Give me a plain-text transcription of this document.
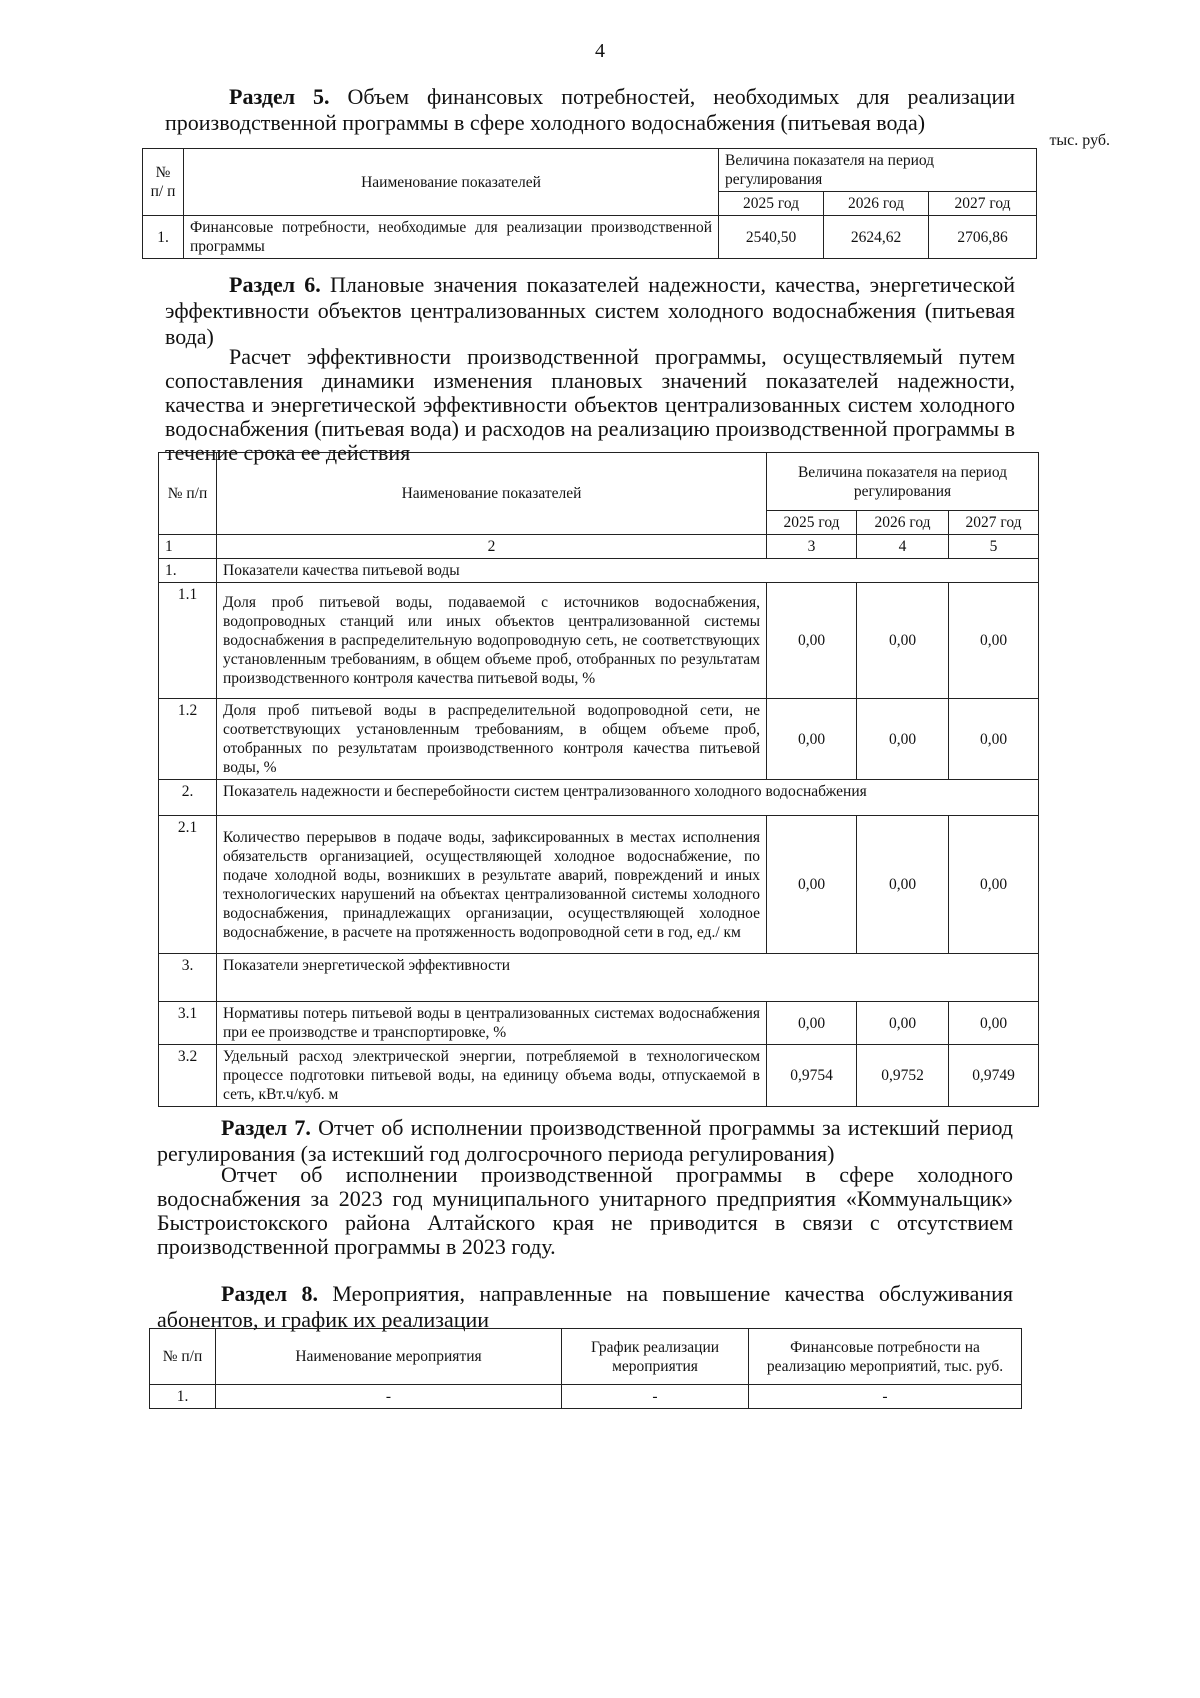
4
Раздел 5. Объем финансовых потребностей, необходимых для реализации производственной программы в сфере холодного водоснабжения (питьевая вода)
тыс. руб.
№ п/ п	Наименование показателей	Величина показателя на период регулирования		
		2025 год	2026 год	2027 год
1.	Финансовые потребности, необходимые для реализации производственной программы	2540,50	2624,62	2706,86
Раздел 6. Плановые значения показателей надежности, качества, энергетической эффективности объектов централизованных систем холодного водоснабжения (питьевая вода)
Расчет эффективности производственной программы, осуществляемый путем сопоставления динамики изменения плановых значений показателей надежности, качества и энергетической эффективности объектов централизованных систем холодного водоснабжения (питьевая вода) и расходов на реализацию производственной программы в течение срока ее действия
№ п/п	Наименование показателей	Величина показателя на период регулирования		
		2025 год	2026 год	2027 год
1	2	3	4	5
1.	Показатели качества питьевой воды			
1.1	Доля проб питьевой воды, подаваемой с источников водоснабжения, водопроводных станций или иных объектов централизованной системы водоснабжения в распределительную водопроводную сеть, не соответствующих установленным требованиям, в общем объеме проб, отобранных по результатам производственного контроля качества питьевой воды, %	0,00	0,00	0,00
1.2	Доля проб питьевой воды в распределительной водопроводной сети, не соответствующих установленным требованиям, в общем объеме проб, отобранных по результатам производственного контроля качества питьевой воды, %	0,00	0,00	0,00
2.	Показатель надежности и бесперебойности систем централизованного холодного водоснабжения			
2.1	Количество перерывов в подаче воды, зафиксированных в местах исполнения обязательств организацией, осуществляющей холодное водоснабжение, по подаче холодной воды, возникших в результате аварий, повреждений и иных технологических нарушений на объектах централизованной системы холодного водоснабжения, принадлежащих организации, осуществляющей холодное водоснабжение, в расчете на протяженность водопроводной сети в год, ед./ км	0,00	0,00	0,00
3.	Показатели энергетической эффективности			
3.1	Нормативы потерь питьевой воды в централизованных системах водоснабжения при ее производстве и транспортировке, %	0,00	0,00	0,00
3.2	Удельный расход электрической энергии, потребляемой в технологическом процессе подготовки питьевой воды, на единицу объема воды, отпускаемой в сеть, кВт.ч/куб. м	0,9754	0,9752	0,9749
Раздел 7. Отчет об исполнении производственной программы за истекший период регулирования (за истекший год долгосрочного периода регулирования)
Отчет об исполнении производственной программы в сфере холодного водоснабжения за 2023 год муниципального унитарного предприятия «Коммунальщик» Быстроистокского района Алтайского края не приводится в связи с отсутствием производственной программы в 2023 году.
Раздел 8. Мероприятия, направленные на повышение качества обслуживания абонентов, и график их реализации
№ п/п	Наименование мероприятия	График реализации мероприятия	Финансовые потребности на реализацию мероприятий, тыс. руб.
1.	-	-	-
